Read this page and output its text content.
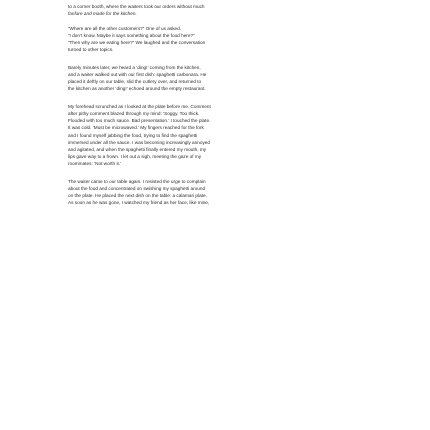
to a corner booth, where the waiters took our orders without much
fanfare and made for the kitchen.
“Where are all the other customers?” One of us asked.
“I don’t know. Maybe it says something about the food here?”
“Then why are we eating here?” We laughed and the conversation
turned to other topics.
Barely minutes later, we heard a ‘ding!’ coming from the kitchen,
and a waiter walked out with our first dish: spaghetti carbonara. He
placed it deftly on our table, slid the cutlery over, and returned to
the kitchen as another ‘ding!’ echoed around the empty restaurant.
My forehead scrunched as I looked at the plate before me. Comment
after pithy comment blazed through my mind: ‘Soggy. Too thick.
Flooded with too much sauce. Bad presentation.’ I touched the plate.
It was cold. ‘Must be microwaved.’ My fingers reached for the fork
and I found myself jabbing the food, trying to find the spaghetti
immersed under all the sauce. I was becoming increasingly annoyed
and agitated, and when the spaghetti finally entered my mouth, my
lips gave way to a frown. I let out a sigh, meeting the gaze of my
roommates: ‘Not worth it.’
The waiter came to our table again. I resisted the urge to complain
about the food and concentrated on swishing my spaghetti around
on the plate. He placed the next dish on the table: a calamari plate.
As soon as he was gone, I watched my friend as her face, like mine,
